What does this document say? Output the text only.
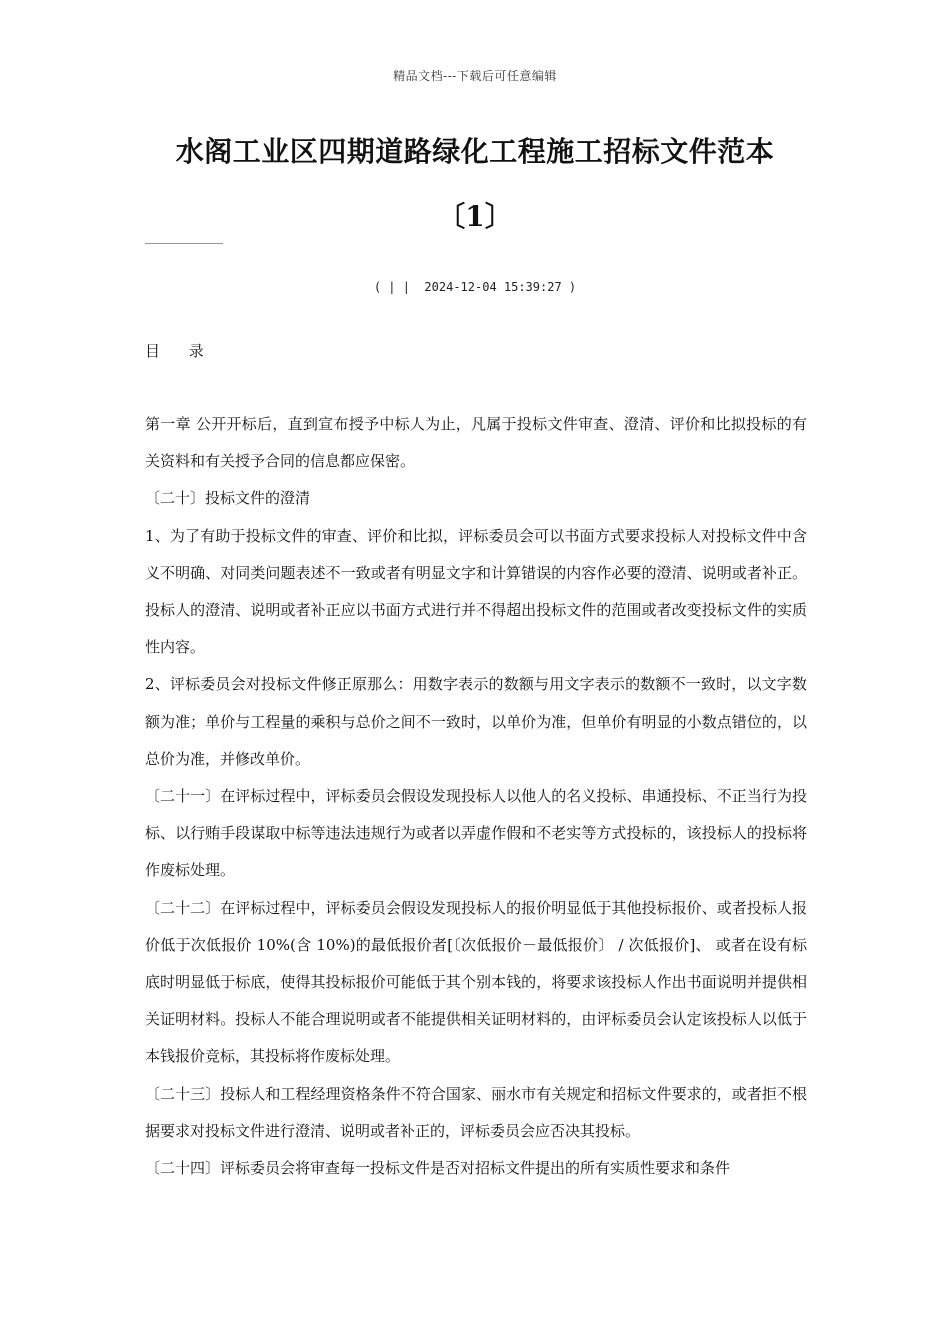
精品文档---下载后可任意编辑
水阁工业区四期道路绿化工程施工招标文件范本
〔1〕
( | |  2024-12-04 15:39:27 )
目 录

第一章 公开开标后，直到宣布授予中标人为止，凡属于投标文件审查、澄清、评价和比拟投标的有关资料和有关授予合同的信息都应保密。

〔二十〕投标文件的澄清

1、为了有助于投标文件的审查、评价和比拟，评标委员会可以书面方式要求投标人对投标文件中含义不明确、对同类问题表述不一致或者有明显文字和计算错误的内容作必要的澄清、说明或者补正。投标人的澄清、说明或者补正应以书面方式进行并不得超出投标文件的范围或者改变投标文件的实质性内容。

2、评标委员会对投标文件修正原那么：用数字表示的数额与用文字表示的数额不一致时，以文字数额为准；单价与工程量的乘积与总价之间不一致时，以单价为准，但单价有明显的小数点错位的，以总价为准，并修改单价。

〔二十一〕在评标过程中，评标委员会假设发现投标人以他人的名义投标、串通投标、不正当行为投标、以行贿手段谋取中标等违法违规行为或者以弄虚作假和不老实等方式投标的，该投标人的投标将作废标处理。

〔二十二〕在评标过程中，评标委员会假设发现投标人的报价明显低于其他投标报价、或者投标人报价低于次低报价 10%(含 10%)的最低报价者[〔次低报价－最低报价〕 / 次低报价]、 或者在设有标底时明显低于标底，使得其投标报价可能低于其个别本钱的，将要求该投标人作出书面说明并提供相关证明材料。投标人不能合理说明或者不能提供相关证明材料的，由评标委员会认定该投标人以低于本钱报价竞标，其投标将作废标处理。

〔二十三〕投标人和工程经理资格条件不符合国家、丽水市有关规定和招标文件要求的，或者拒不根据要求对投标文件进行澄清、说明或者补正的，评标委员会应否决其投标。

〔二十四〕评标委员会将审查每一投标文件是否对招标文件提出的所有实质性要求和条件
